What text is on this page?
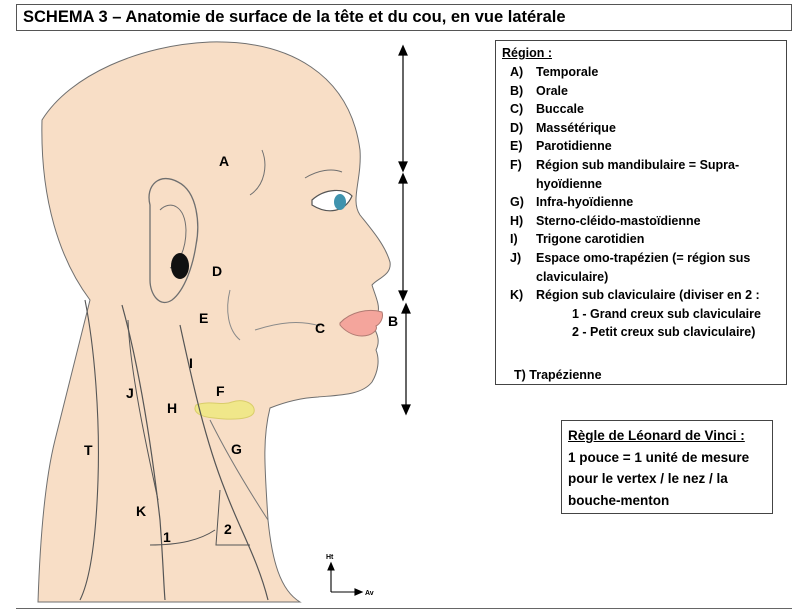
SCHEMA 3 – Anatomie de surface de la tête et du cou, en vue latérale
A
B
C
D
E
F
G
H
I
J
K
T
1	2
Ht
Av
Région :
A)	Temporale
B)	Orale
C)	Buccale
D)	Massétérique
E)	Parotidienne
F)	Région sub mandibulaire = Supra-hyoïdienne
G) Infra-hyoïdienne
H)	Sterno-cléido-mastoïdienne
I)	Trigone carotidien
J)	Espace omo-trapézien (= région sus claviculaire)
K)	Région sub claviculaire (diviser en 2 :
1 - Grand creux sub claviculaire
2 - Petit creux sub claviculaire)
T) Trapézienne
Règle de Léonard de Vinci :
1 pouce = 1 unité de mesure pour le vertex / le nez / la bouche-menton
